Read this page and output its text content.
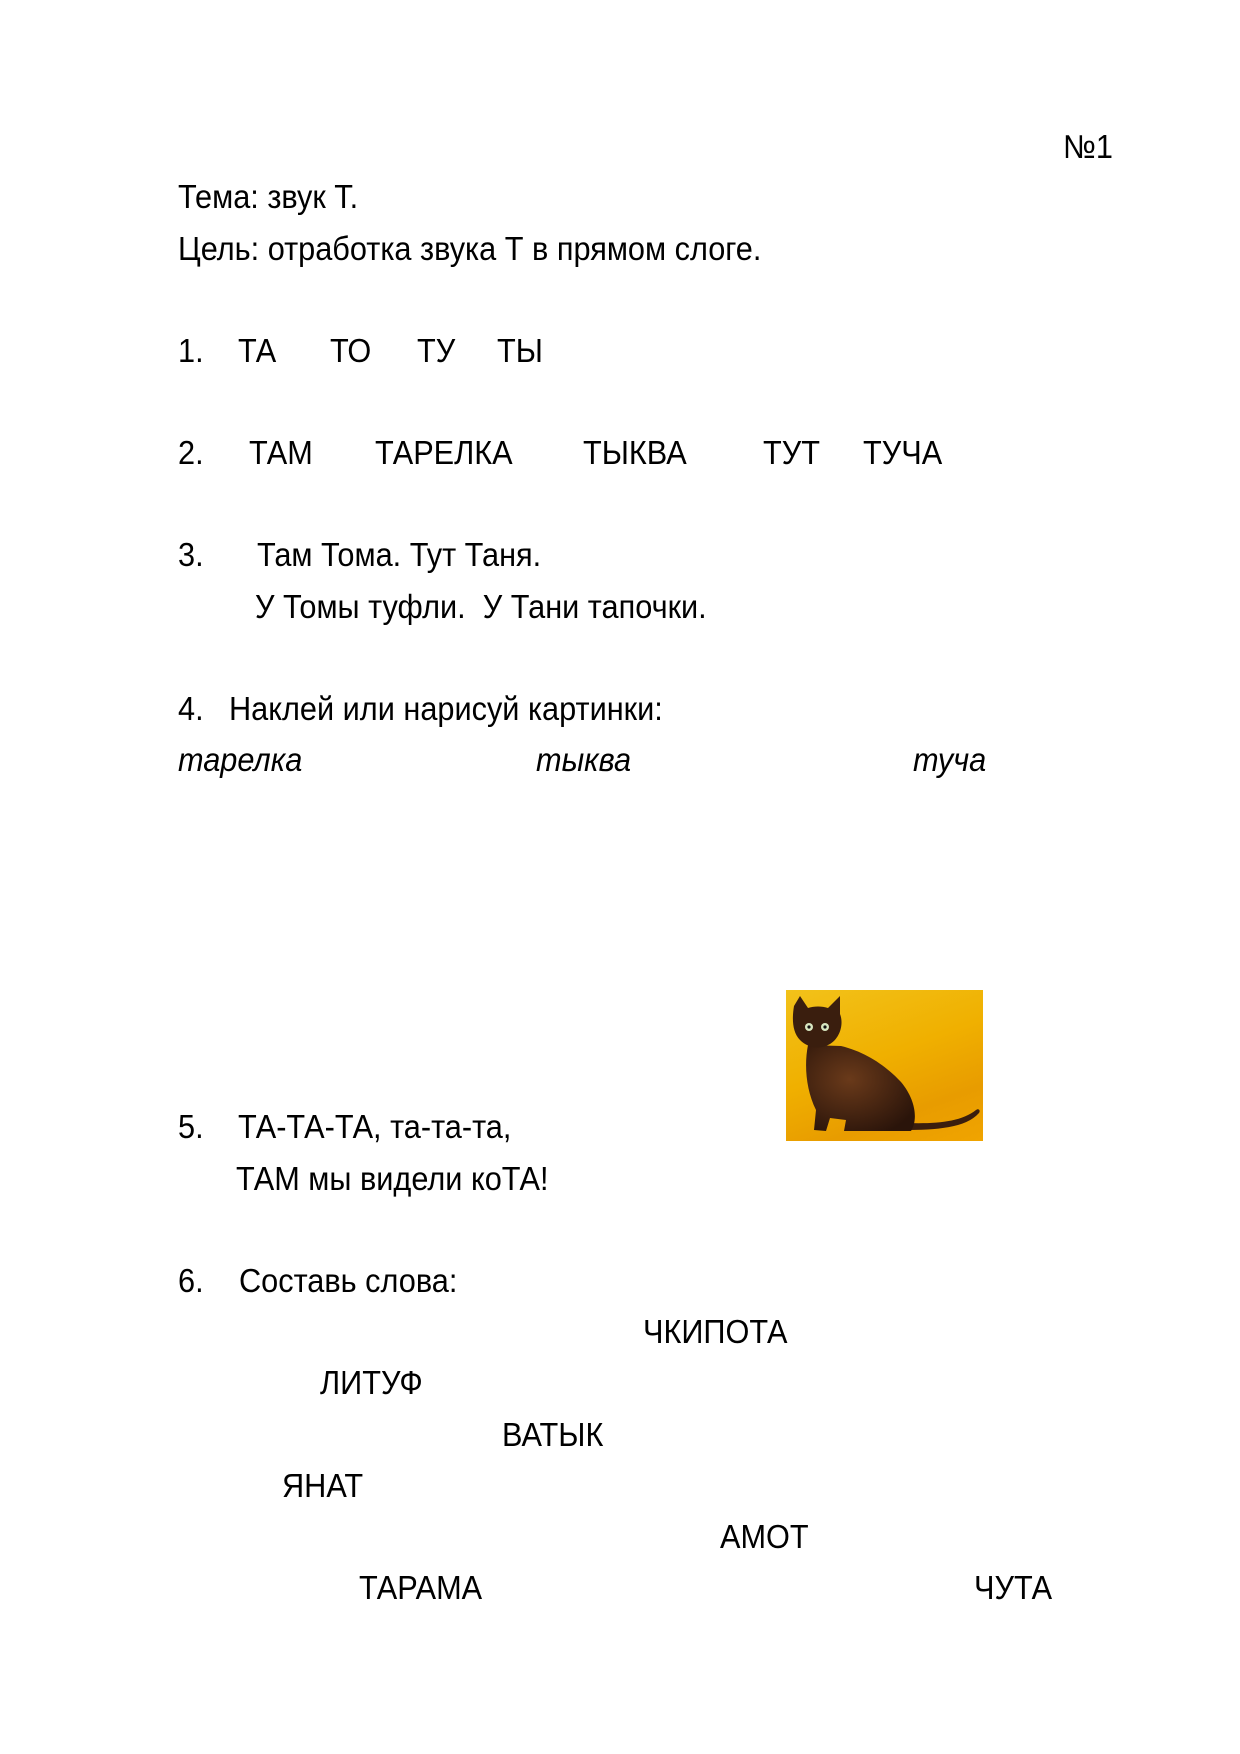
№1
Тема: звук Т.
Цель: отработка звука Т в прямом слоге.
1. ТА ТО ТУ ТЫ
2. ТАМ ТАРЕЛКА ТЫКВА ТУТ ТУЧА
3. Там Тома. Тут Таня.
У Томы туфли.  У Тани тапочки.
4. Наклей или нарисуй картинки:
тарелка	тыква	туча
5. ТА-ТА-ТА, та-та-та,
ТАМ мы видели коТА!
6. Составь слова:
ЧКИПОТА
ЛИТУФ
ВАТЫК
ЯНАТ
АМОТ
ТАРАМА	ЧУТА
